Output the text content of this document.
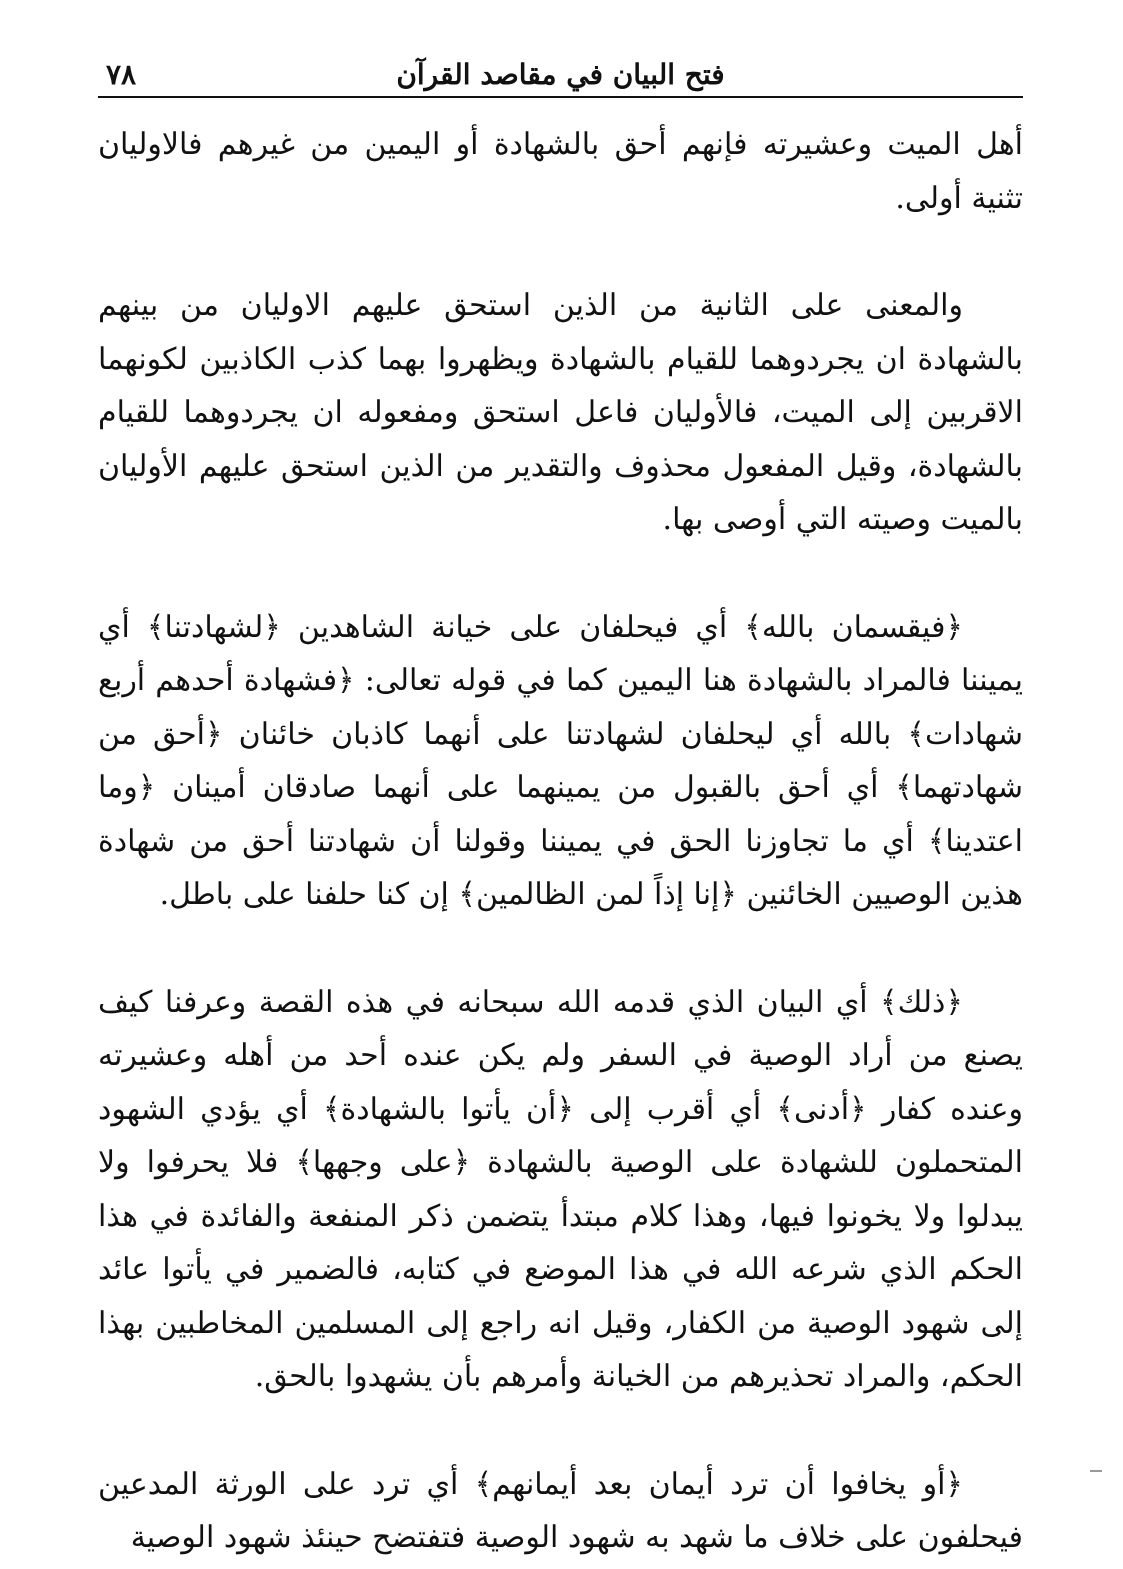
٧٨	فتح البيان في مقاصد القرآن

أهل الميت وعشيرته فإنهم أحق بالشهادة أو اليمين من غيرهم فالاوليان تثنية أولى.

والمعنى على الثانية من الذين استحق عليهم الاوليان من بينهم بالشهادة ان يجردوهما للقيام بالشهادة ويظهروا بهما كذب الكاذبين لكونهما الاقربين إلى الميت، فالأوليان فاعل استحق ومفعوله ان يجردوهما للقيام بالشهادة، وقيل المفعول محذوف والتقدير من الذين استحق عليهم الأوليان بالميت وصيته التي أوصى بها.

﴿فيقسمان بالله﴾ أي فيحلفان على خيانة الشاهدين ﴿لشهادتنا﴾ أي يميننا فالمراد بالشهادة هنا اليمين كما في قوله تعالى: ﴿فشهادة أحدهم أربع شهادات﴾ بالله أي ليحلفان لشهادتنا على أنهما كاذبان خائنان ﴿أحق من شهادتهما﴾ أي أحق بالقبول من يمينهما على أنهما صادقان أمينان ﴿وما اعتدينا﴾ أي ما تجاوزنا الحق في يميننا وقولنا أن شهادتنا أحق من شهادة هذين الوصيين الخائنين ﴿إنا إذاً لمن الظالمين﴾ إن كنا حلفنا على باطل.

﴿ذلك﴾ أي البيان الذي قدمه الله سبحانه في هذه القصة وعرفنا كيف يصنع من أراد الوصية في السفر ولم يكن عنده أحد من أهله وعشيرته وعنده كفار ﴿أدنى﴾ أي أقرب إلى ﴿أن يأتوا بالشهادة﴾ أي يؤدي الشهود المتحملون للشهادة على الوصية بالشهادة ﴿على وجهها﴾ فلا يحرفوا ولا يبدلوا ولا يخونوا فيها، وهذا كلام مبتدأ يتضمن ذكر المنفعة والفائدة في هذا الحكم الذي شرعه الله في هذا الموضع في كتابه، فالضمير في يأتوا عائد إلى شهود الوصية من الكفار، وقيل انه راجع إلى المسلمين المخاطبين بهذا الحكم، والمراد تحذيرهم من الخيانة وأمرهم بأن يشهدوا بالحق.

﴿أو يخافوا أن ترد أيمان بعد أيمانهم﴾ أي ترد على الورثة المدعين فيحلفون على خلاف ما شهد به شهود الوصية فتفتضح حينئذ شهود الوصية
